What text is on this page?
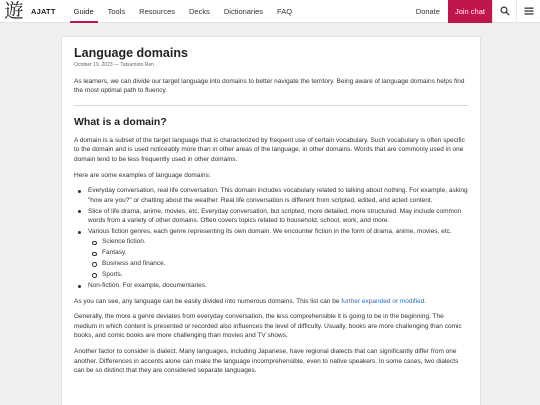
遊	AJATT	Guide	Tools	Resources	Decks	Dictionaries	FAQ	Donate	Join chat
Language domains
October 19, 2023 — Tatsumoto Ren

As learners, we can divide our target language into domains to better navigate the territory. Being aware of language domains helps find the most optimal path to fluency.

What is a domain?

A domain is a subset of the target language that is characterized by frequent use of certain vocabulary. Such vocabulary is often specific to the domain and is used noticeably more than in other areas of the language, in other domains. Words that are commonly used in one domain tend to be less frequently used in other domains.

Here are some examples of language domains:

Everyday conversation, real life conversation. This domain includes vocabulary related to talking about nothing. For example, asking "how are you?" or chatting about the weather. Real life conversation is different from scripted, edited, and acted content.
Slice of life drama, anime, movies, etc. Everyday conversation, but scripted, more detailed, more structured. May include common words from a variety of other domains. Often covers topics related to household, school, work, and more.
Various fiction genres, each genre representing its own domain. We encounter fiction in the form of drama, anime, movies, etc.
Science fiction.
Fantasy.
Business and finance.
Sports.
Non-fiction. For example, documentaries.

As you can see, any language can be easily divided into numerous domains. This list can be further expanded or modified.

Generally, the more a genre deviates from everyday conversation, the less comprehensible it is going to be in the beginning. The medium in which content is presented or recorded also influences the level of difficulty. Usually, books are more challenging than comic books, and comic books are more challenging than movies and TV shows.

Another factor to consider is dialect. Many languages, including Japanese, have regional dialects that can significantly differ from one another. Differences in accents alone can make the language incomprehensible, even to native speakers. In some cases, two dialects can be so distinct that they are considered separate languages.
